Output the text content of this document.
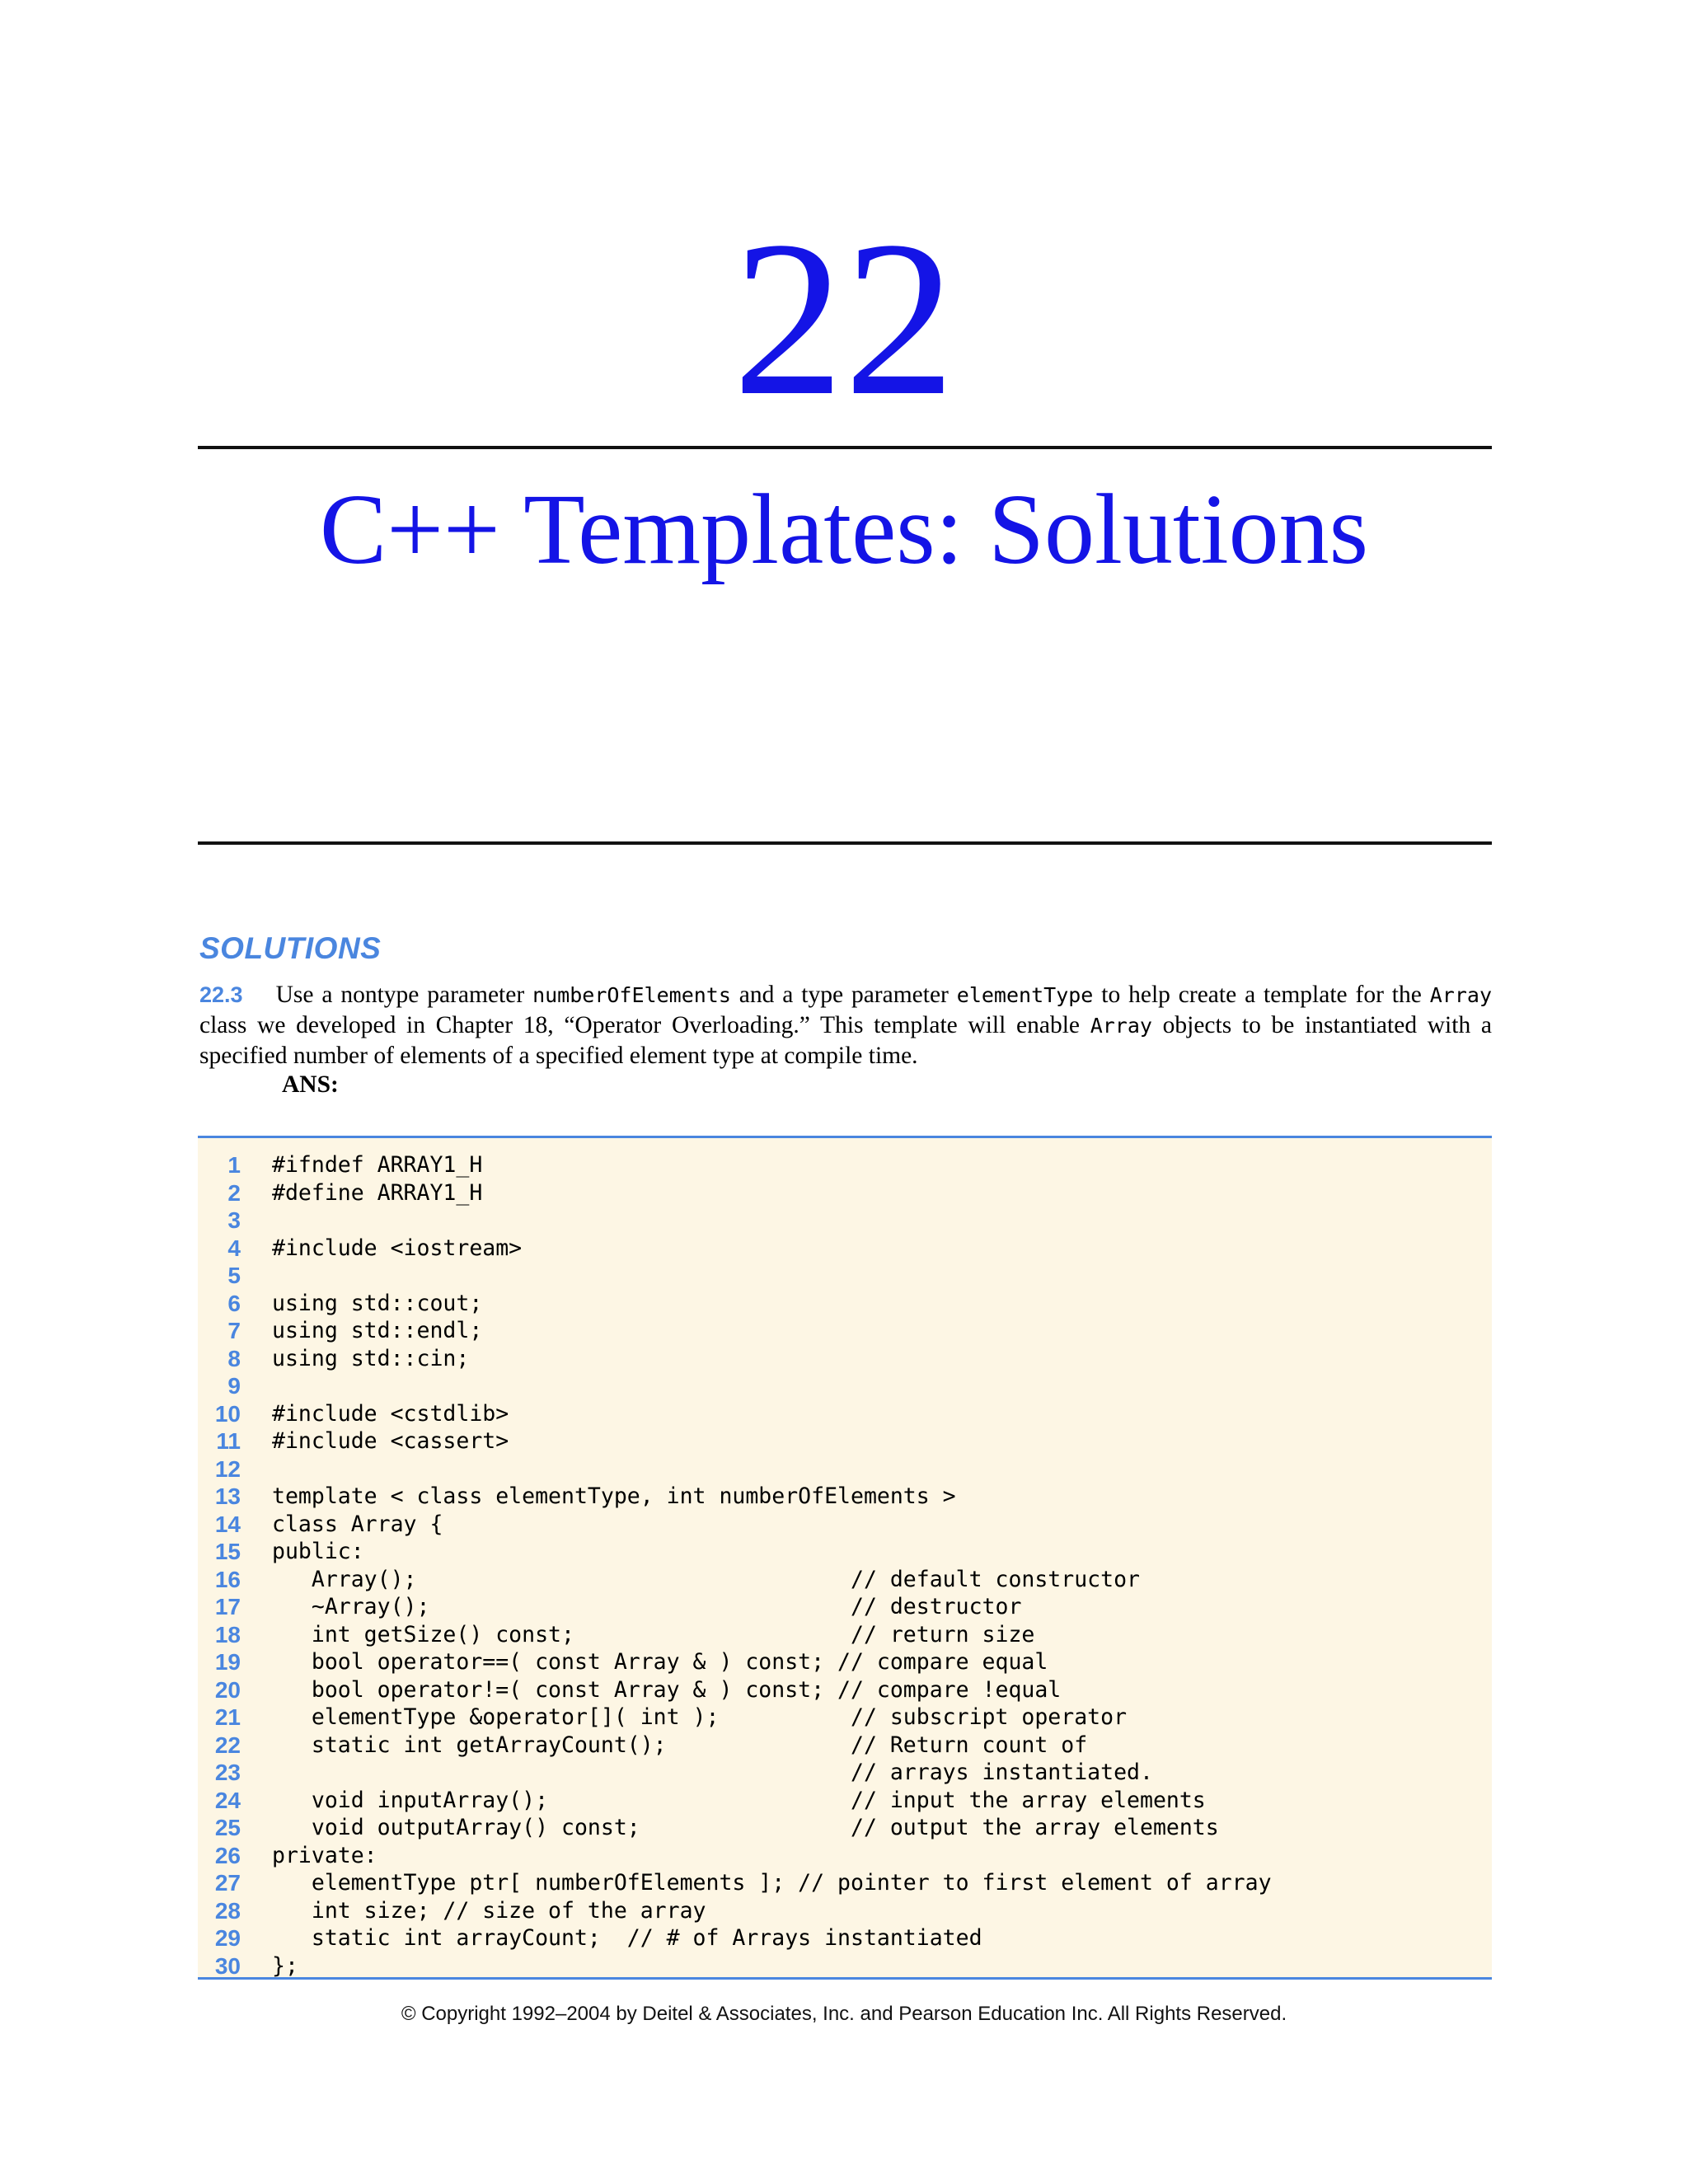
22
C++ Templates: Solutions
SOLUTIONS
22.3 Use a nontype parameter numberOfElements and a type parameter elementType to help create a template for the Array class we developed in Chapter 18, “Operator Overloading.” This template will enable Array objects to be instantiated with a specified number of elements of a specified element type at compile time.
ANS:
1 #ifndef ARRAY1_H
2 #define ARRAY1_H
3
4 #include <iostream>
5
6 using std::cout;
7 using std::endl;
8 using std::cin;
9
10 #include <cstdlib>
11 #include <cassert>
12
13 template < class elementType, int numberOfElements >
14 class Array {
15 public:
16 Array();                                 // default constructor
17 ~Array();                                // destructor
18 int getSize() const;                     // return size
19 bool operator==( const Array & ) const; // compare equal
20 bool operator!=( const Array & ) const; // compare !equal
21 elementType &operator[]( int );          // subscript operator
22 static int getArrayCount();              // Return count of
23 // arrays instantiated.
24 void inputArray();                       // input the array elements
25 void outputArray() const;                // output the array elements
26 private:
27 elementType ptr[ numberOfElements ]; // pointer to first element of array
28 int size; // size of the array
29 static int arrayCount;  // # of Arrays instantiated
30 };
© Copyright 1992–2004 by Deitel & Associates, Inc. and Pearson Education Inc. All Rights Reserved.
